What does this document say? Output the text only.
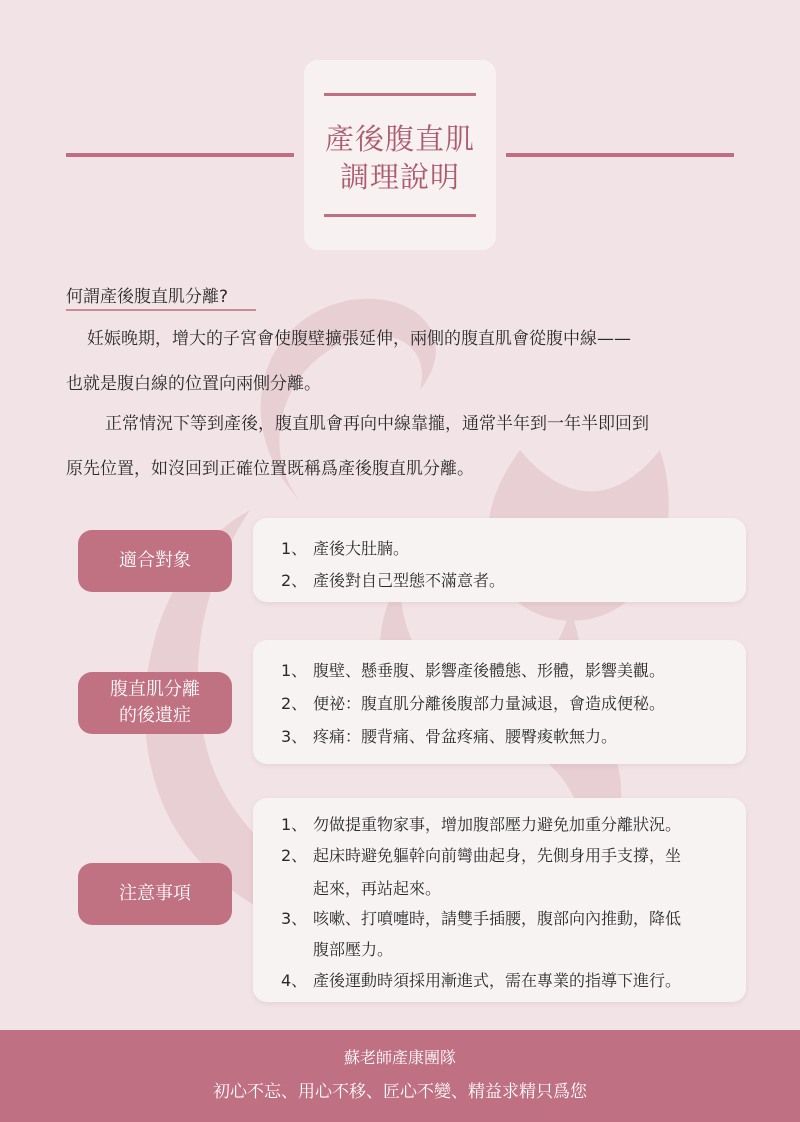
產後腹直肌
調理說明
何謂產後腹直肌分離?
妊娠晚期，增大的子宮會使腹壁擴張延伸，兩側的腹直肌會從腹中線——
也就是腹白線的位置向兩側分離。
正常情況下等到產後，腹直肌會再向中線靠攏，通常半年到一年半即回到
原先位置，如沒回到正確位置既稱爲產後腹直肌分離。
適合對象
1、 產後大肚腩。
2、 產後對自己型態不滿意者。
腹直肌分離
的後遺症
1、 腹壁、懸垂腹、影響產後體態、形體，影響美觀。
2、 便祕：腹直肌分離後腹部力量減退，會造成便秘。
3、 疼痛：腰背痛、骨盆疼痛、腰臀痠軟無力。
注意事項
1、 勿做提重物家事，增加腹部壓力避免加重分離狀況。
2、 起床時避免軀幹向前彎曲起身，先側身用手支撐，坐
起來，再站起來。
3、 咳嗽、打噴嚏時，請雙手插腰，腹部向內推動，降低
腹部壓力。
4、 產後運動時須採用漸進式，需在專業的指導下進行。
蘇老師產康團隊
初心不忘、用心不移、匠心不變、精益求精只爲您
